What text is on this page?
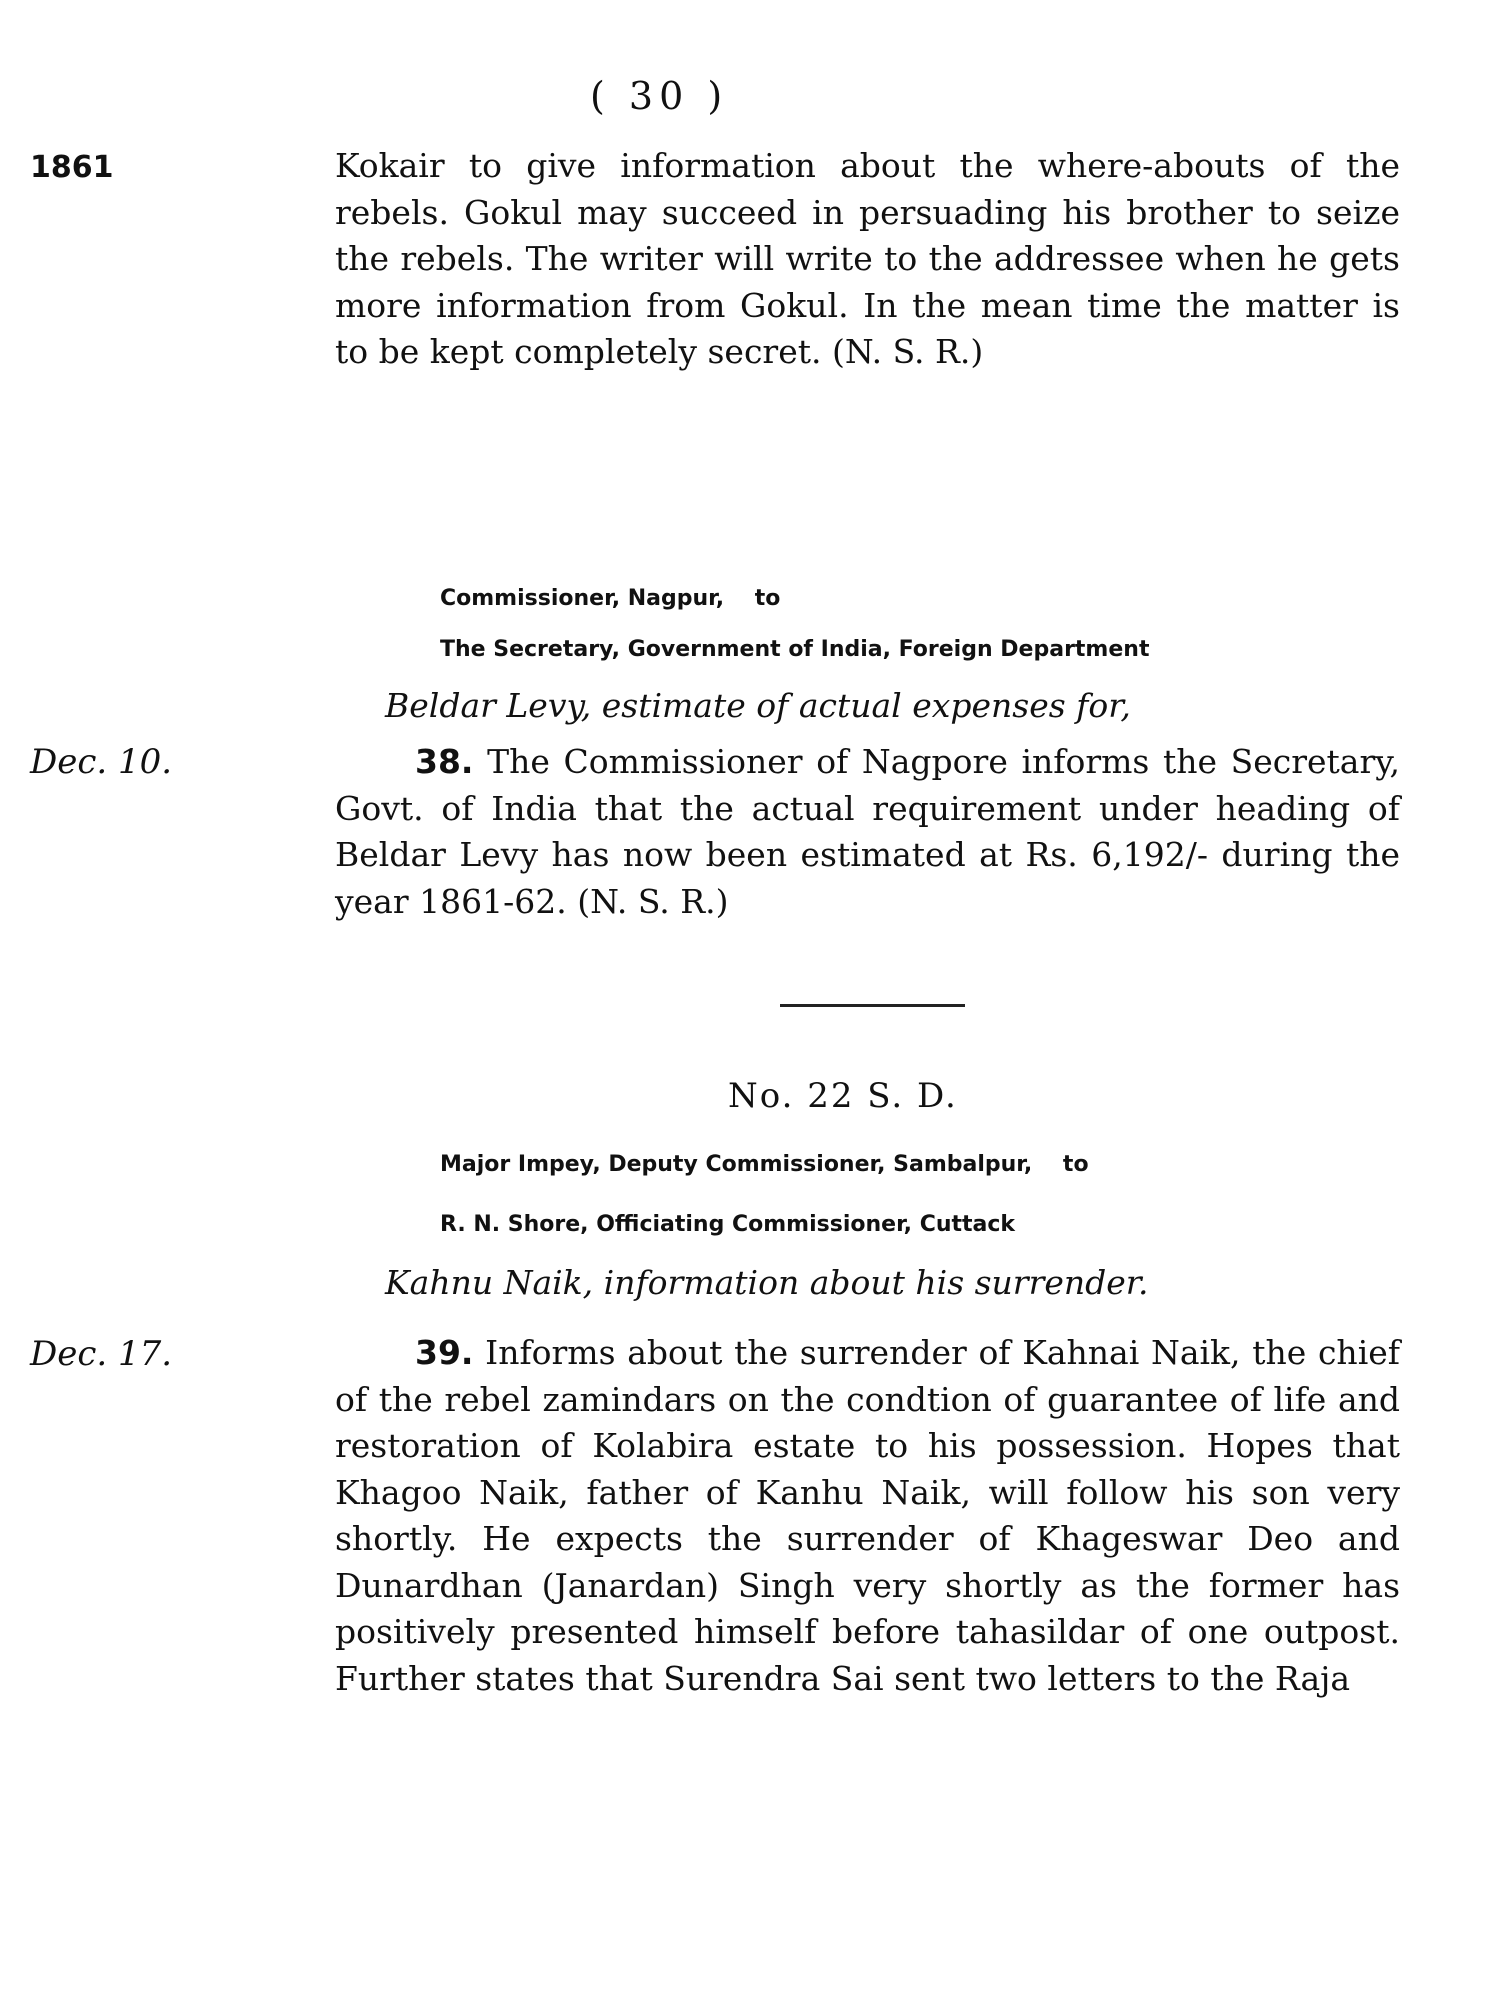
( 30 )
1861	Kokair to give information about the where-abouts of the rebels. Gokul may succeed in persuading his brother to seize the rebels. The writer will write to the addressee when he gets more information from Gokul. In the mean time the matter is to be kept completely secret. (N. S. R.)

Commissioner, Nagpur, to
The Secretary, Government of India, Foreign Department
Beldar Levy, estimate of actual expenses for,
Dec. 10.	38. The Commissioner of Nagpore informs the Secretary, Govt. of India that the actual requirement under heading of Beldar Levy has now been estimated at Rs. 6,192/- during the year 1861-62. (N. S. R.)

No. 22 S. D.
Major Impey, Deputy Commissioner, Sambalpur, to
R. N. Shore, Officiating Commissioner, Cuttack
Kahnu Naik, information about his surrender.
Dec. 17.	39. Informs about the surrender of Kahnai Naik, the chief of the rebel zamindars on the condtion of guarantee of life and restoration of Kolabira estate to his possession. Hopes that Khagoo Naik, father of Kanhu Naik, will follow his son very shortly. He expects the surrender of Khageswar Deo and Dunardhan (Janardan) Singh very shortly as the former has positively presented himself before tahasildar of one outpost. Further states that Surendra Sai sent two letters to the Raja
